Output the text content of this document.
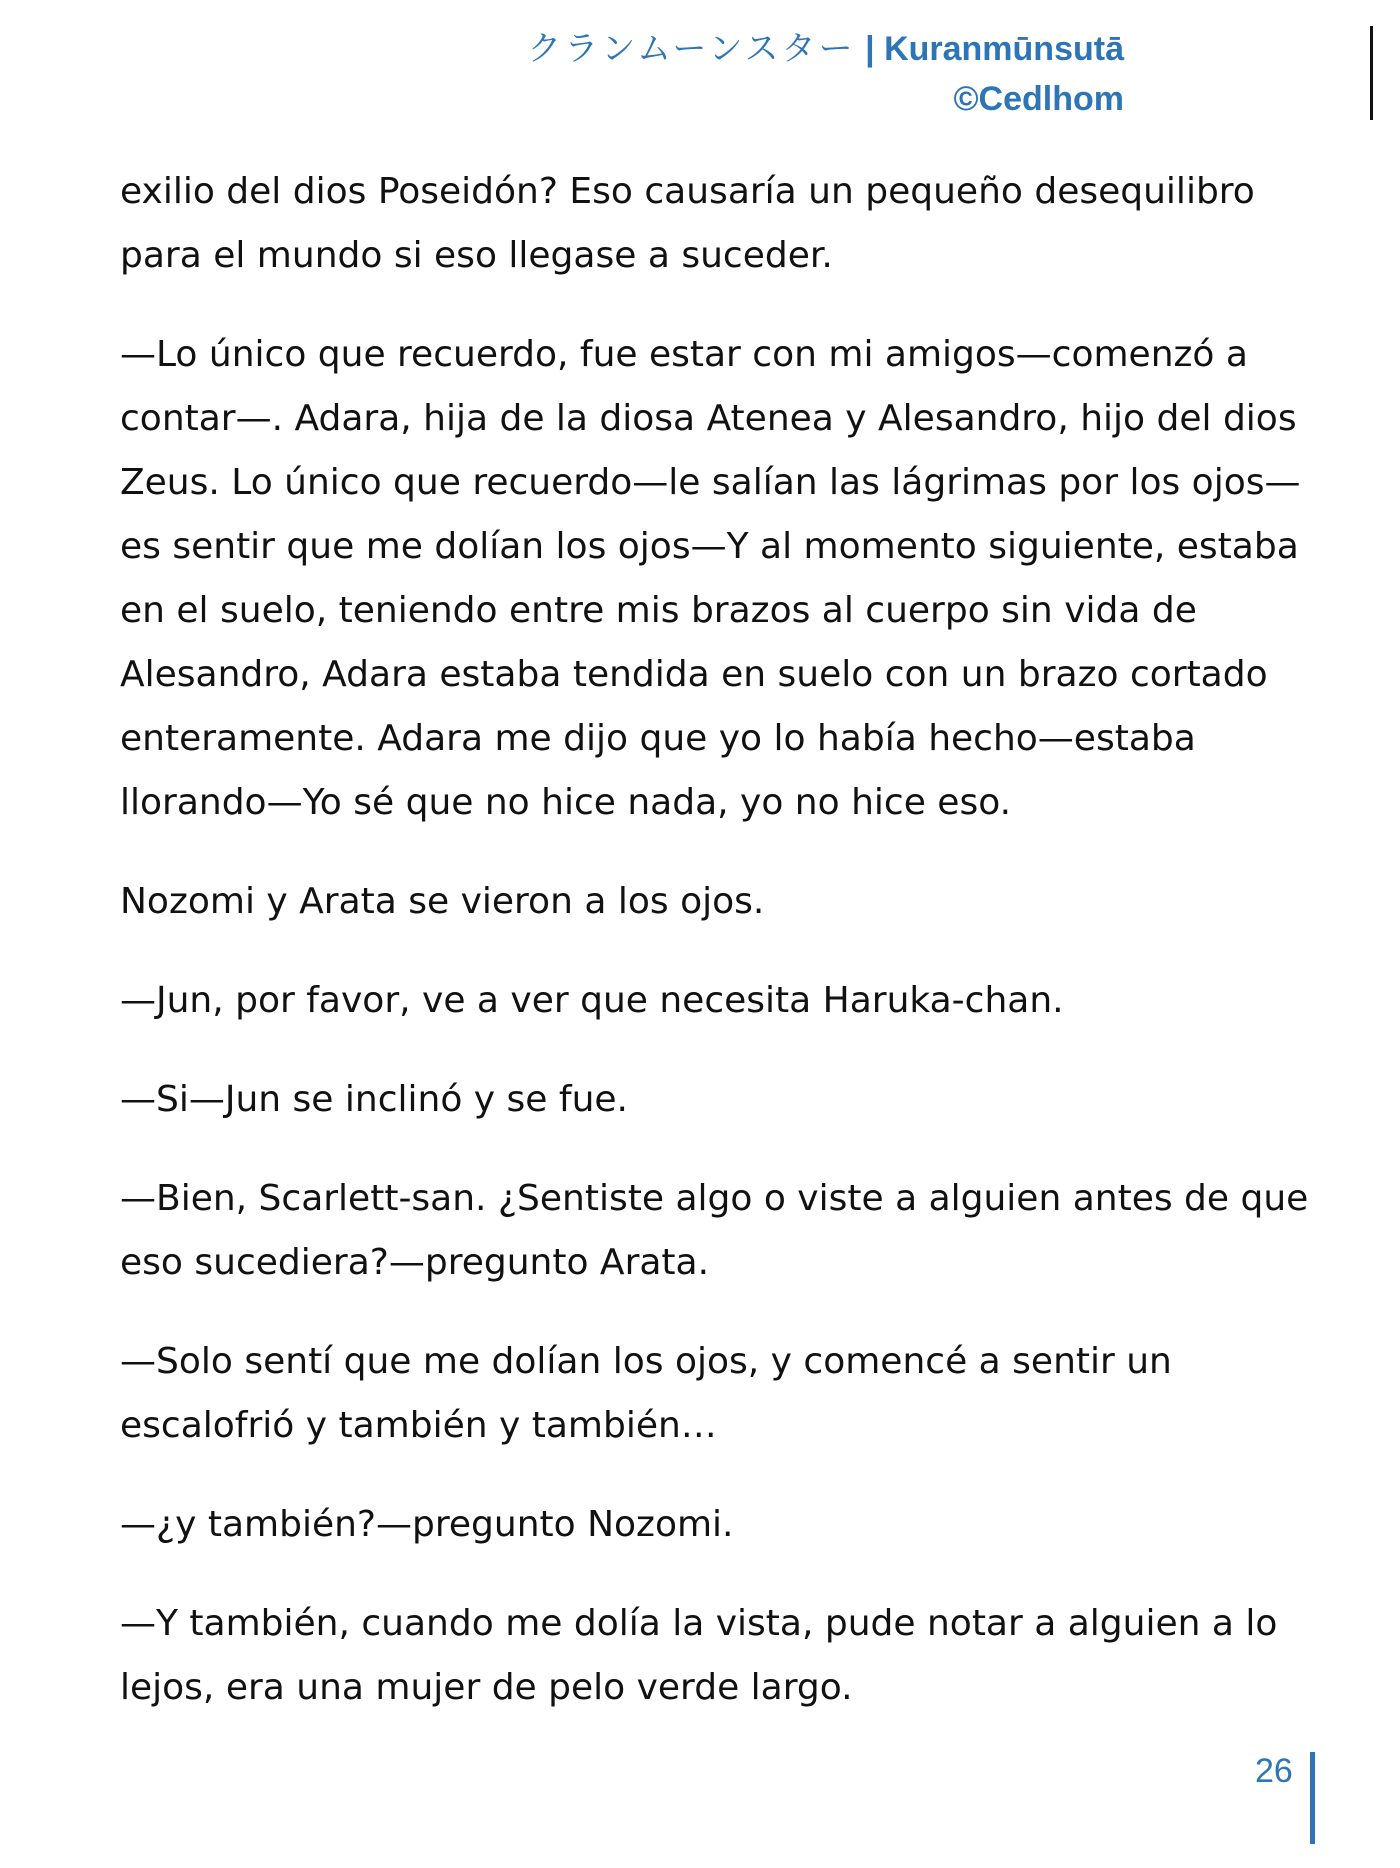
クランムーンスター | Kuranmūnsutā
©Cedlhom

exilio del dios Poseidón? Eso causaría un pequeño desequilibro para el mundo si eso llegase a suceder.

—Lo único que recuerdo, fue estar con mi amigos—comenzó a contar—. Adara, hija de la diosa Atenea y Alesandro, hijo del dios Zeus. Lo único que recuerdo—le salían las lágrimas por los ojos—es sentir que me dolían los ojos—Y al momento siguiente, estaba en el suelo, teniendo entre mis brazos al cuerpo sin vida de Alesandro, Adara estaba tendida en suelo con un brazo cortado enteramente. Adara me dijo que yo lo había hecho—estaba llorando—Yo sé que no hice nada, yo no hice eso.

Nozomi y Arata se vieron a los ojos.

—Jun, por favor, ve a ver que necesita Haruka-chan.

—Si—Jun se inclinó y se fue.

—Bien, Scarlett-san. ¿Sentiste algo o viste a alguien antes de que eso sucediera?—pregunto Arata.

—Solo sentí que me dolían los ojos, y comencé a sentir un escalofrió y también y también…

—¿y también?—pregunto Nozomi.

—Y también, cuando me dolía la vista, pude notar a alguien a lo lejos, era una mujer de pelo verde largo.

26
